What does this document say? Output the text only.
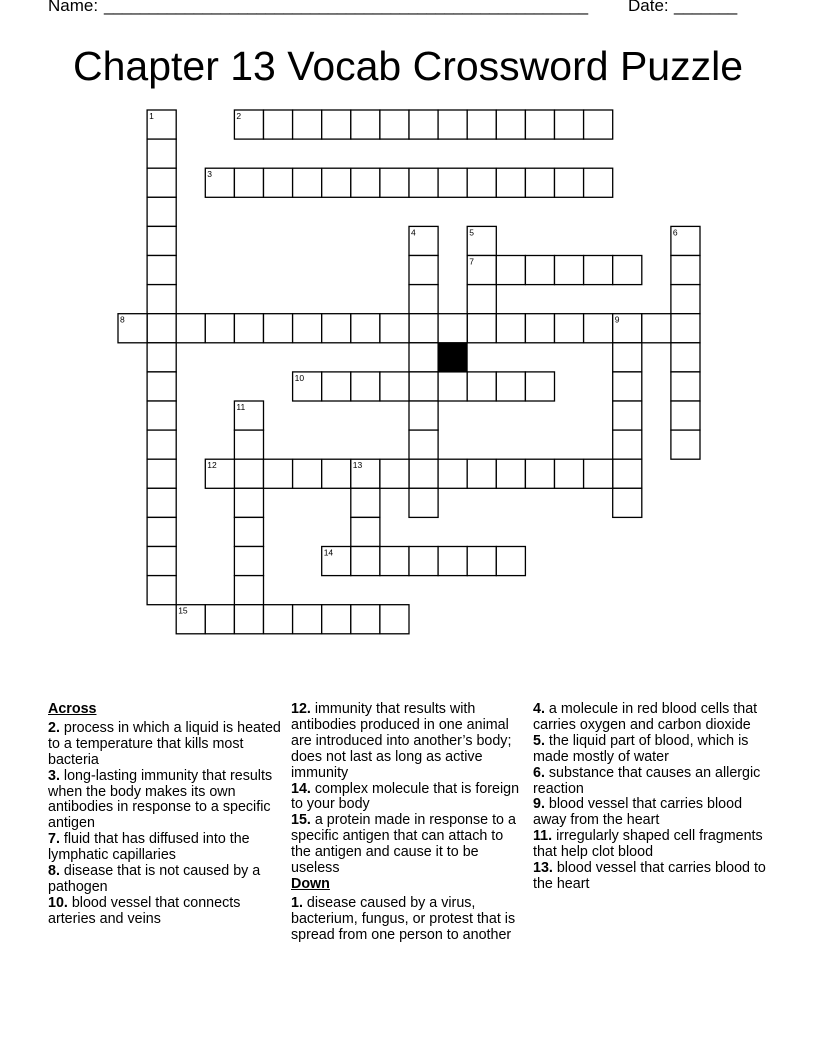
Name: ______________________________________________________ Date: _______
Chapter 13 Vocab Crossword Puzzle
1	2
3
4	5	6
7
8	9
10
11
12	13
14
15
Across
2. process in which a liquid is heated to a temperature that kills most bacteria
3. long-lasting immunity that results when the body makes its own antibodies in response to a specific antigen
7. fluid that has diffused into the lymphatic capillaries
8. disease that is not caused by a pathogen
10. blood vessel that connects arteries and veins
12. immunity that results with antibodies produced in one animal are introduced into another’s body; does not last as long as active immunity
14. complex molecule that is foreign to your body
15. a protein made in response to a specific antigen that can attach to the antigen and cause it to be useless
Down
1. disease caused by a virus, bacterium, fungus, or protest that is spread from one person to another
4. a molecule in red blood cells that carries oxygen and carbon dioxide
5. the liquid part of blood, which is made mostly of water
6. substance that causes an allergic reaction
9. blood vessel that carries blood away from the heart
11. irregularly shaped cell fragments that help clot blood
13. blood vessel that carries blood to the heart
